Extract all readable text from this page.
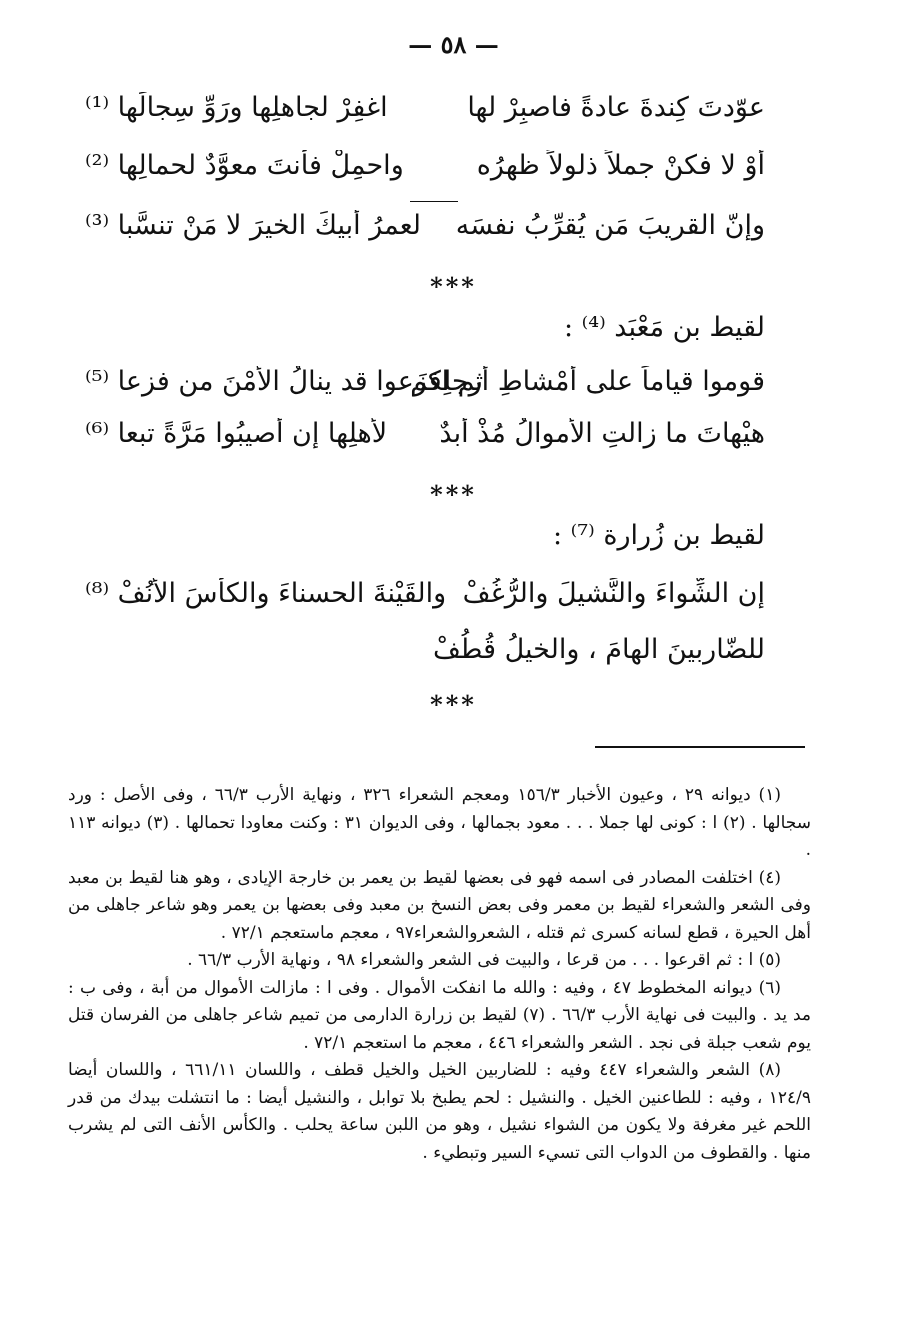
— ٥٨ —
عوّدتَ كِندةَ عادةً فاصبِرْ لها
اغفِرْ لجاهلِها ورَوِّ سِجالَها ⁽¹⁾
أوْ لا فكنْ جملاً ذلولاً ظهرُه
واحمِلْ فأنتَ معوَّدٌ لحمالِها ⁽²⁾
وإنّ القريبَ مَن يُقرِّبُ نفسَه
لعمرُ أبيكَ الخيرَ لا مَنْ تنسَّبا ⁽³⁾
***
لقيط بن مَعْبَد ⁽⁴⁾ :
قوموا قياماً على أمْشاطِ أرجلِكم
ثم افزَعوا قد ينالُ الأمْنَ من فزعا ⁽⁵⁾
هيْهاتَ ما زالتِ الأموالُ مُذْ أبدٌ
لأهلِها إن أصيبُوا مَرَّةً تبعا ⁽⁶⁾
***
لقيط بن زُرارة ⁽⁷⁾ :
إن الشِّواءَ والنَّشيلَ والرُّغُفْ
والقَيْنةَ الحسناءَ والكأسَ الأُنُفْ ⁽⁸⁾
للضّاربينَ الهامَ ، والخيلُ قُطُفْ
***

(١) ديوانه ٢٩ ، وعيون الأخبار ١٥٦/٣ ومعجم الشعراء ٣٢٦ ، ونهاية الأرب ٦٦/٣ ، وفى الأصل : ورد سجالها . (٢) ا : كونى لها جملا . . . معود بجمالها ، وفى الديوان ٣١ : وكنت معاودا تحمالها . (٣) ديوانه ١١٣ .

(٤) اختلفت المصادر فى اسمه فهو فى بعضها لقيط بن يعمر بن خارجة الإيادى ، وهو هنا لقيط بن معبد وفى الشعر والشعراء لقيط بن معمر وفى بعض النسخ بن معبد وفى بعضها بن يعمر وهو شاعر جاهلى من أهل الحيرة ، قطع لسانه كسرى ثم قتله ، الشعروالشعراء٩٧ ، معجم ماستعجم ٧٢/١ .

(٥) ا : ثم اقرعوا . . . من قرعا ، والبيت فى الشعر والشعراء ٩٨ ، ونهاية الأرب ٦٦/٣ .

(٦) ديوانه المخطوط ٤٧ ، وفيه : والله ما انفكت الأموال . وفى ا : مازالت الأموال من أبة ، وفى ب : مد يد . والبيت فى نهاية الأرب ٦٦/٣ . (٧) لقيط بن زرارة الدارمى من تميم شاعر جاهلى من الفرسان قتل يوم شعب جبلة فى نجد . الشعر والشعراء ٤٤٦ ، معجم ما استعجم ٧٢/١ .

(٨) الشعر والشعراء ٤٤٧ وفيه : للضاربين الخيل والخيل قطف ، واللسان ٦٦١/١١ ، واللسان أيضا ١٢٤/٩ ، وفيه : للطاعنين الخيل . والنشيل : لحم يطبخ بلا توابل ، والنشيل أيضا : ما انتشلت بيدك من قدر اللحم غير مغرفة ولا يكون من الشواء نشيل ، وهو من اللبن ساعة يحلب . والكأس الأنف التى لم يشرب منها . والقطوف من الدواب التى تسيء السير وتبطيء .
